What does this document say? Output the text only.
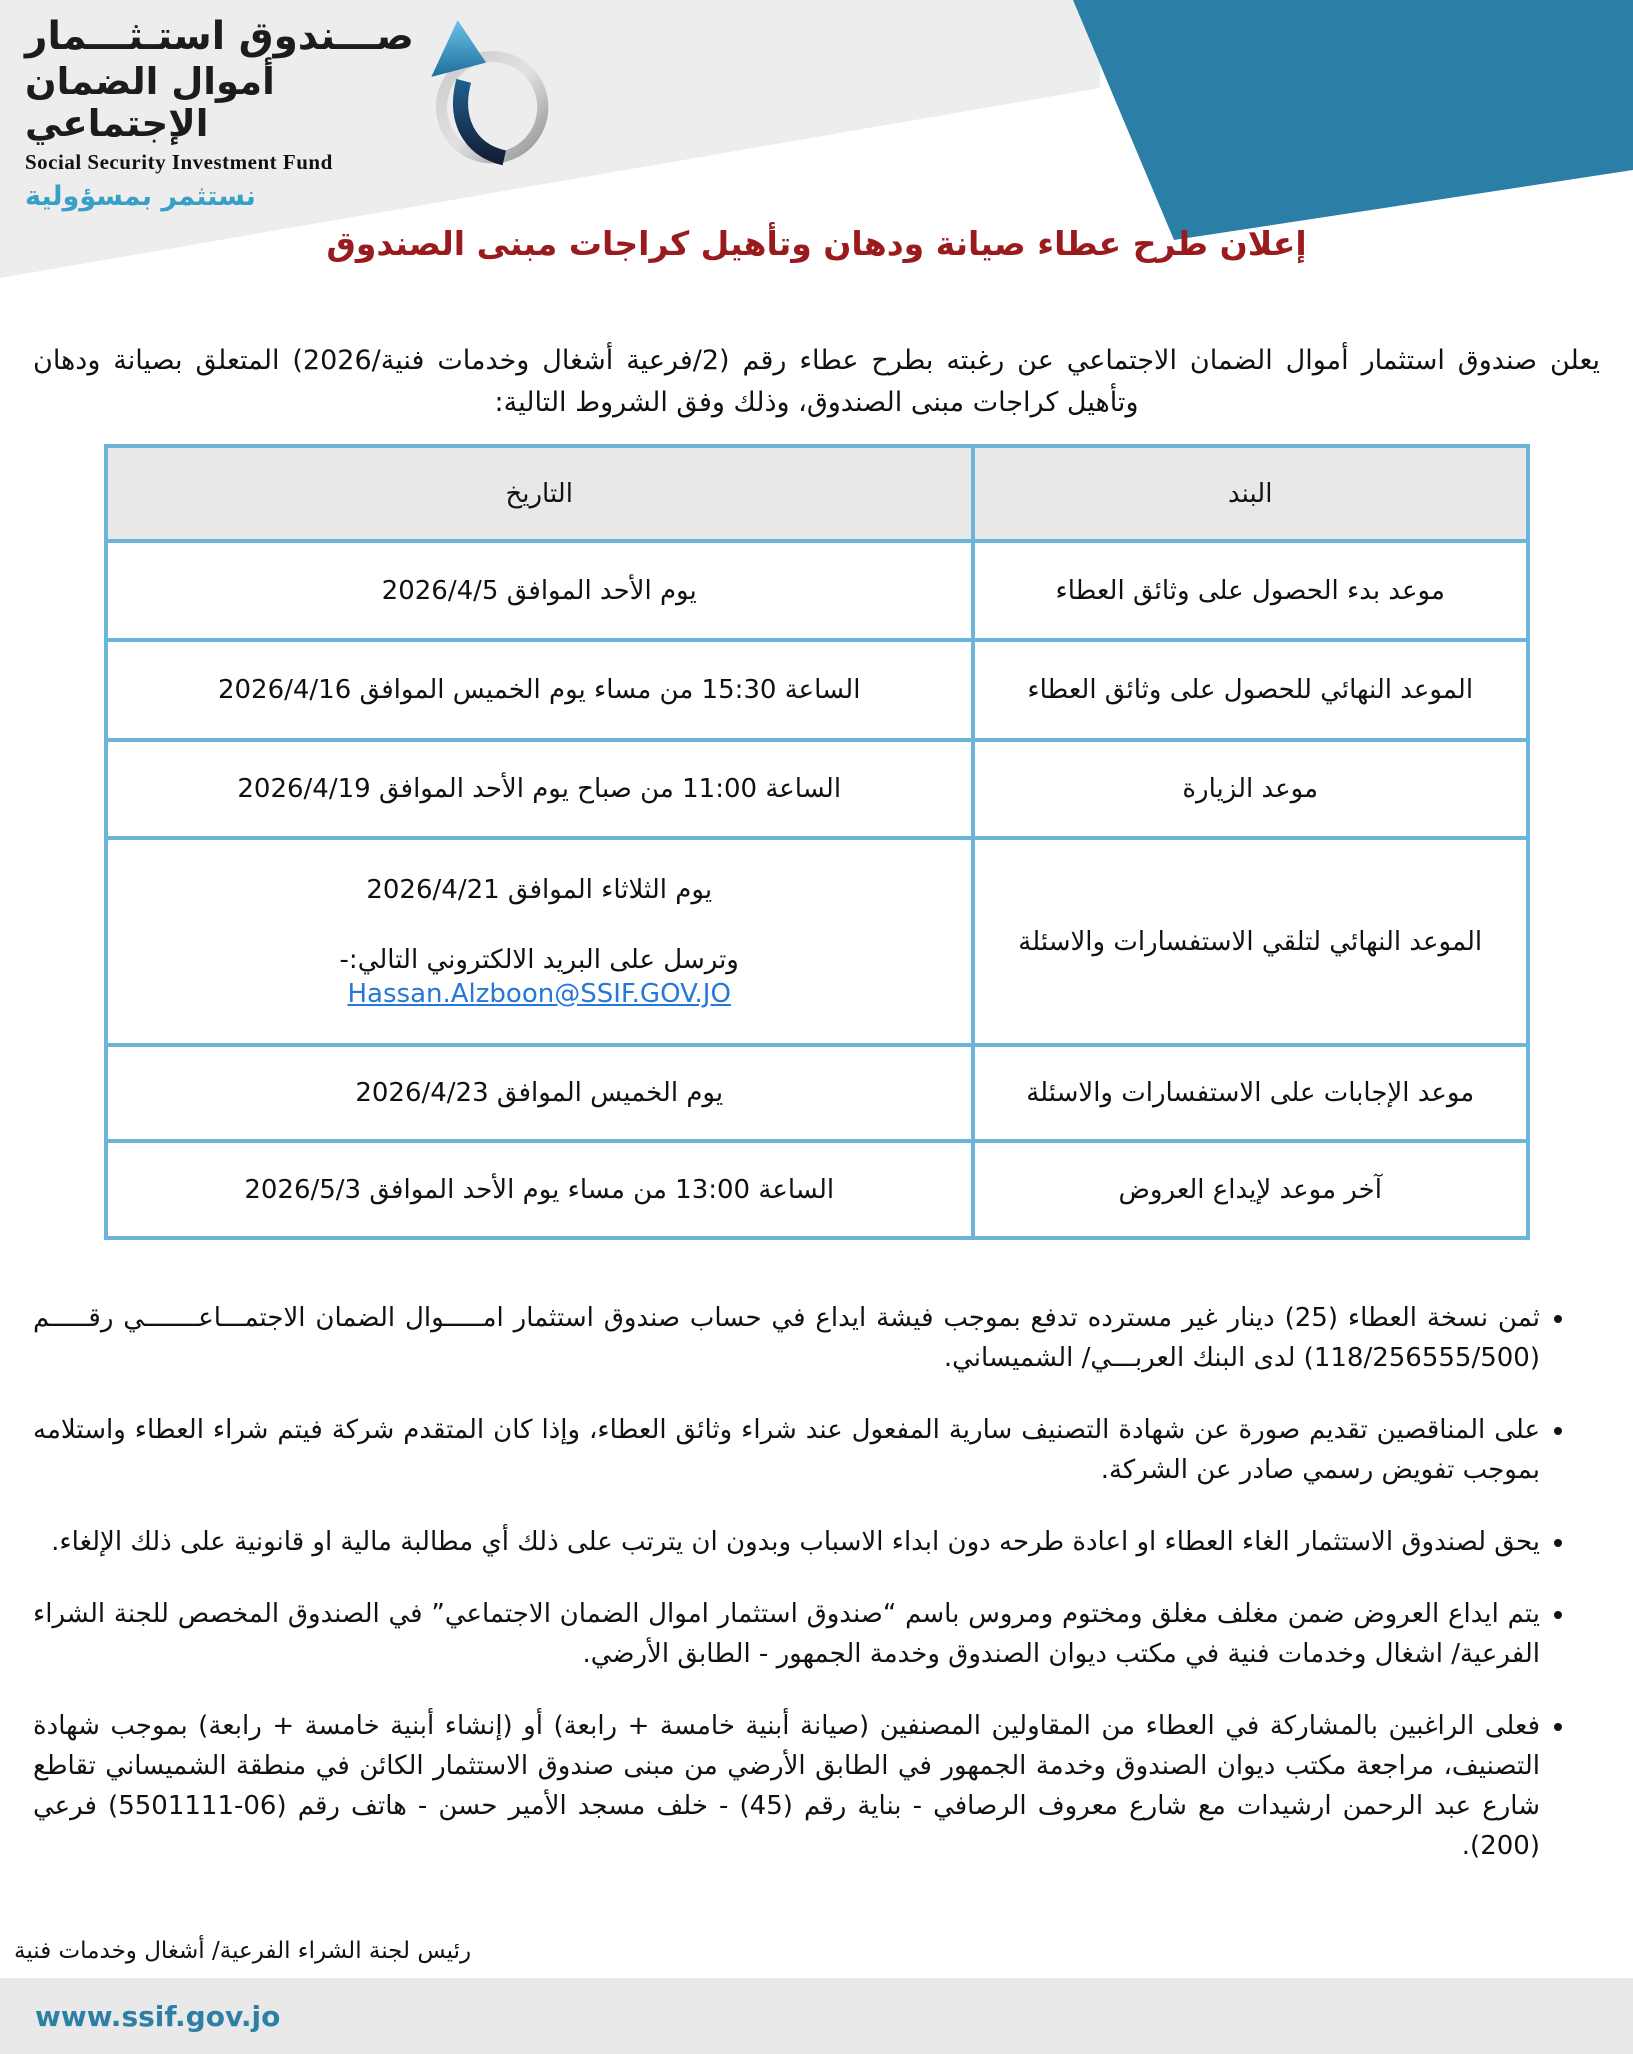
صـــندوق استـثـــمار
أموال الضمان الإجتماعي
Social Security Investment Fund
نستثمر بمسؤولية
إعلان طرح عطاء صيانة ودهان وتأهيل كراجات مبنى الصندوق

يعلن صندوق استثمار أموال الضمان الاجتماعي عن رغبته بطرح عطاء رقم (2/فرعية أشغال وخدمات فنية/2026) المتعلق بصيانة ودهان وتأهيل كراجات مبنى الصندوق، وذلك وفق الشروط التالية:

البند	التاريخ
موعد بدء الحصول على وثائق العطاء	يوم الأحد الموافق 2026/4/5
الموعد النهائي للحصول على وثائق العطاء	الساعة 15:30 من مساء يوم الخميس الموافق 2026/4/16
موعد الزيارة	الساعة 11:00 من صباح يوم الأحد الموافق 2026/4/19
الموعد النهائي لتلقي الاستفسارات والاسئلة	يوم الثلاثاء الموافق 2026/4/21
وترسل على البريد الالكتروني التالي:-
Hassan.Alzboon@SSIF.GOV.JO
موعد الإجابات على الاستفسارات والاسئلة	يوم الخميس الموافق 2026/4/23
آخر موعد لإيداع العروض	الساعة 13:00 من مساء يوم الأحد الموافق 2026/5/3
• ثمن نسخة العطاء (25) دينار غير مسترده تدفع بموجب فيشة ايداع في حساب صندوق استثمار امـــــوال الضمان الاجتمـــاعـــــــي رقـــــم (118/256555/500) لدى البنك العربـــي/ الشميساني.
• على المناقصين تقديم صورة عن شهادة التصنيف سارية المفعول عند شراء وثائق العطاء، وإذا كان المتقدم شركة فيتم شراء العطاء واستلامه بموجب تفويض رسمي صادر عن الشركة.
• يحق لصندوق الاستثمار الغاء العطاء او اعادة طرحه دون ابداء الاسباب وبدون ان يترتب على ذلك أي مطالبة مالية او قانونية على ذلك الإلغاء.
• يتم ايداع العروض ضمن مغلف مغلق ومختوم ومروس باسم “صندوق استثمار اموال الضمان الاجتماعي” في الصندوق المخصص للجنة الشراء الفرعية/ اشغال وخدمات فنية في مكتب ديوان الصندوق وخدمة الجمهور - الطابق الأرضي.
• فعلى الراغبين بالمشاركة في العطاء من المقاولين المصنفين (صيانة أبنية خامسة + رابعة) أو (إنشاء أبنية خامسة + رابعة) بموجب شهادة التصنيف، مراجعة مكتب ديوان الصندوق وخدمة الجمهور في الطابق الأرضي من مبنى صندوق الاستثمار الكائن في منطقة الشميساني تقاطع شارع عبد الرحمن ارشيدات مع شارع معروف الرصافي - بناية رقم (45) - خلف مسجد الأمير حسن - هاتف رقم (06-5501111) فرعي (200).
رئيس لجنة الشراء الفرعية/ أشغال وخدمات فنية
www.ssif.gov.jo
